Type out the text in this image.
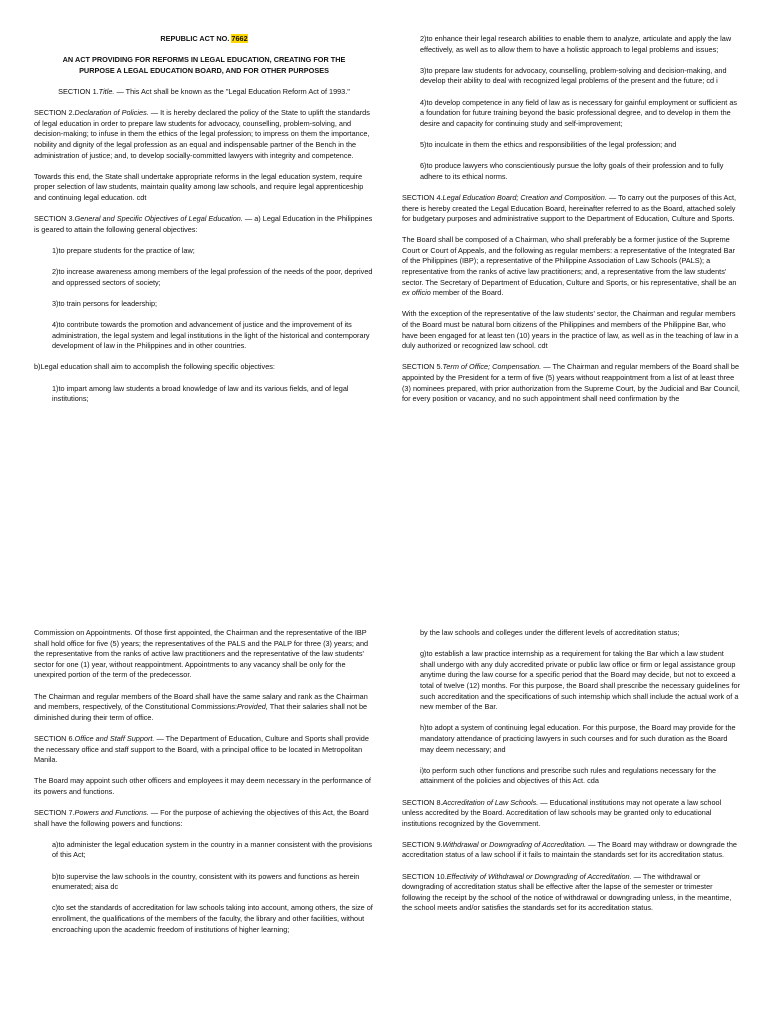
REPUBLIC ACT NO. 7662

AN ACT PROVIDING FOR REFORMS IN LEGAL EDUCATION, CREATING FOR THE PURPOSE A LEGAL EDUCATION BOARD, AND FOR OTHER PURPOSES

SECTION 1.Title. — This Act shall be known as the "Legal Education Reform Act of 1993."

SECTION 2.Declaration of Policies. — It is hereby declared the policy of the State to uplift the standards of legal education in order to prepare law students for advocacy, counselling, problem-solving, and decision-making; to infuse in them the ethics of the legal profession; to impress on them the importance, nobility and dignity of the legal profession as an equal and indispensable partner of the Bench in the administration of justice; and, to develop socially-committed lawyers with integrity and competence.

Towards this end, the State shall undertake appropriate reforms in the legal education system, require proper selection of law students, maintain quality among law schools, and require legal apprenticeship and continuing legal education. cdt

SECTION 3.General and Specific Objectives of Legal Education. — a) Legal Education in the Philippines is geared to attain the following general objectives:

1)to prepare students for the practice of law;

2)to increase awareness among members of the legal profession of the needs of the poor, deprived and oppressed sectors of society;

3)to train persons for leadership;

4)to contribute towards the promotion and advancement of justice and the improvement of its administration, the legal system and legal institutions in the light of the historical and contemporary development of law in the Philippines and in other countries.

b)Legal education shall aim to accomplish the following specific objectives:

1)to impart among law students a broad knowledge of law and its various fields, and of legal institutions;

2)to enhance their legal research abilities to enable them to analyze, articulate and apply the law effectively, as well as to allow them to have a holistic approach to legal problems and issues;

3)to prepare law students for advocacy, counselling, problem-solving and decision-making, and develop their ability to deal with recognized legal problems of the present and the future; cd i

4)to develop competence in any field of law as is necessary for gainful employment or sufficient as a foundation for future training beyond the basic professional degree, and to develop in them the desire and capacity for continuing study and self-improvement;

5)to inculcate in them the ethics and responsibilities of the legal profession; and

6)to produce lawyers who conscientiously pursue the lofty goals of their profession and to fully adhere to its ethical norms.

SECTION 4.Legal Education Board; Creation and Composition. — To carry out the purposes of this Act, there is hereby created the Legal Education Board, hereinafter referred to as the Board, attached solely for budgetary purposes and administrative support to the Department of Education, Culture and Sports.

The Board shall be composed of a Chairman, who shall preferably be a former justice of the Supreme Court or Court of Appeals, and the following as regular members: a representative of the Integrated Bar of the Philippines (IBP); a representative of the Philippine Association of Law Schools (PALS); a representative from the ranks of active law practitioners; and, a representative from the law students' sector. The Secretary of Department of Education, Culture and Sports, or his representative, shall be an ex officio member of the Board.

With the exception of the representative of the law students' sector, the Chairman and regular members of the Board must be natural born citizens of the Philippines and members of the Philippine Bar, who have been engaged for at least ten (10) years in the practice of law, as well as in the teaching of law in a duly authorized or recognized law school. cdt

SECTION 5.Term of Office; Compensation. — The Chairman and regular members of the Board shall be appointed by the President for a term of five (5) years without reappointment from a list of at least three (3) nominees prepared, with prior authorization from the Supreme Court, by the Judicial and Bar Council, for every position or vacancy, and no such appointment shall need confirmation by the

Commission on Appointments. Of those first appointed, the Chairman and the representative of the IBP shall hold office for five (5) years; the representatives of the PALS and the PALP for three (3) years; and the representative from the ranks of active law practitioners and the representative of the law students' sector for one (1) year, without reappointment. Appointments to any vacancy shall be only for the unexpired portion of the term of the predecessor.

The Chairman and regular members of the Board shall have the same salary and rank as the Chairman and members, respectively, of the Constitutional Commissions:Provided, That their salaries shall not be diminished during their term of office.

SECTION 6.Office and Staff Support. — The Department of Education, Culture and Sports shall provide the necessary office and staff support to the Board, with a principal office to be located in Metropolitan Manila.

The Board may appoint such other officers and employees it may deem necessary in the performance of its powers and functions.

SECTION 7.Powers and Functions. — For the purpose of achieving the objectives of this Act, the Board shall have the following powers and functions:

a)to administer the legal education system in the country in a manner consistent with the provisions of this Act;

b)to supervise the law schools in the country, consistent with its powers and functions as herein enumerated; aisa dc

c)to set the standards of accreditation for law schools taking into account, among others, the size of enrollment, the qualifications of the members of the faculty, the library and other facilities, without encroaching upon the academic freedom of institutions of higher learning;

by the law schools and colleges under the different levels of accreditation status;

g)to establish a law practice internship as a requirement for taking the Bar which a law student shall undergo with any duly accredited private or public law office or firm or legal assistance group anytime during the law course for a specific period that the Board may decide, but not to exceed a total of twelve (12) months. For this purpose, the Board shall prescribe the necessary guidelines for such accreditation and the specifications of such internship which shall include the actual work of a new member of the Bar.

h)to adopt a system of continuing legal education. For this purpose, the Board may provide for the mandatory attendance of practicing lawyers in such courses and for such duration as the Board may deem necessary; and

i)to perform such other functions and prescribe such rules and regulations necessary for the attainment of the policies and objectives of this Act. cda

SECTION 8.Accreditation of Law Schools. — Educational institutions may not operate a law school unless accredited by the Board. Accreditation of law schools may be granted only to educational institutions recognized by the Government.

SECTION 9.Withdrawal or Downgrading of Accreditation. — The Board may withdraw or downgrade the accreditation status of a law school if it fails to maintain the standards set for its accreditation status.

SECTION 10.Effectivity of Withdrawal or Downgrading of Accreditation. — The withdrawal or downgrading of accreditation status shall be effective after the lapse of the semester or trimester following the receipt by the school of the notice of withdrawal or downgrading unless, in the meantime, the school meets and/or satisfies the standards set for its accreditation status.
